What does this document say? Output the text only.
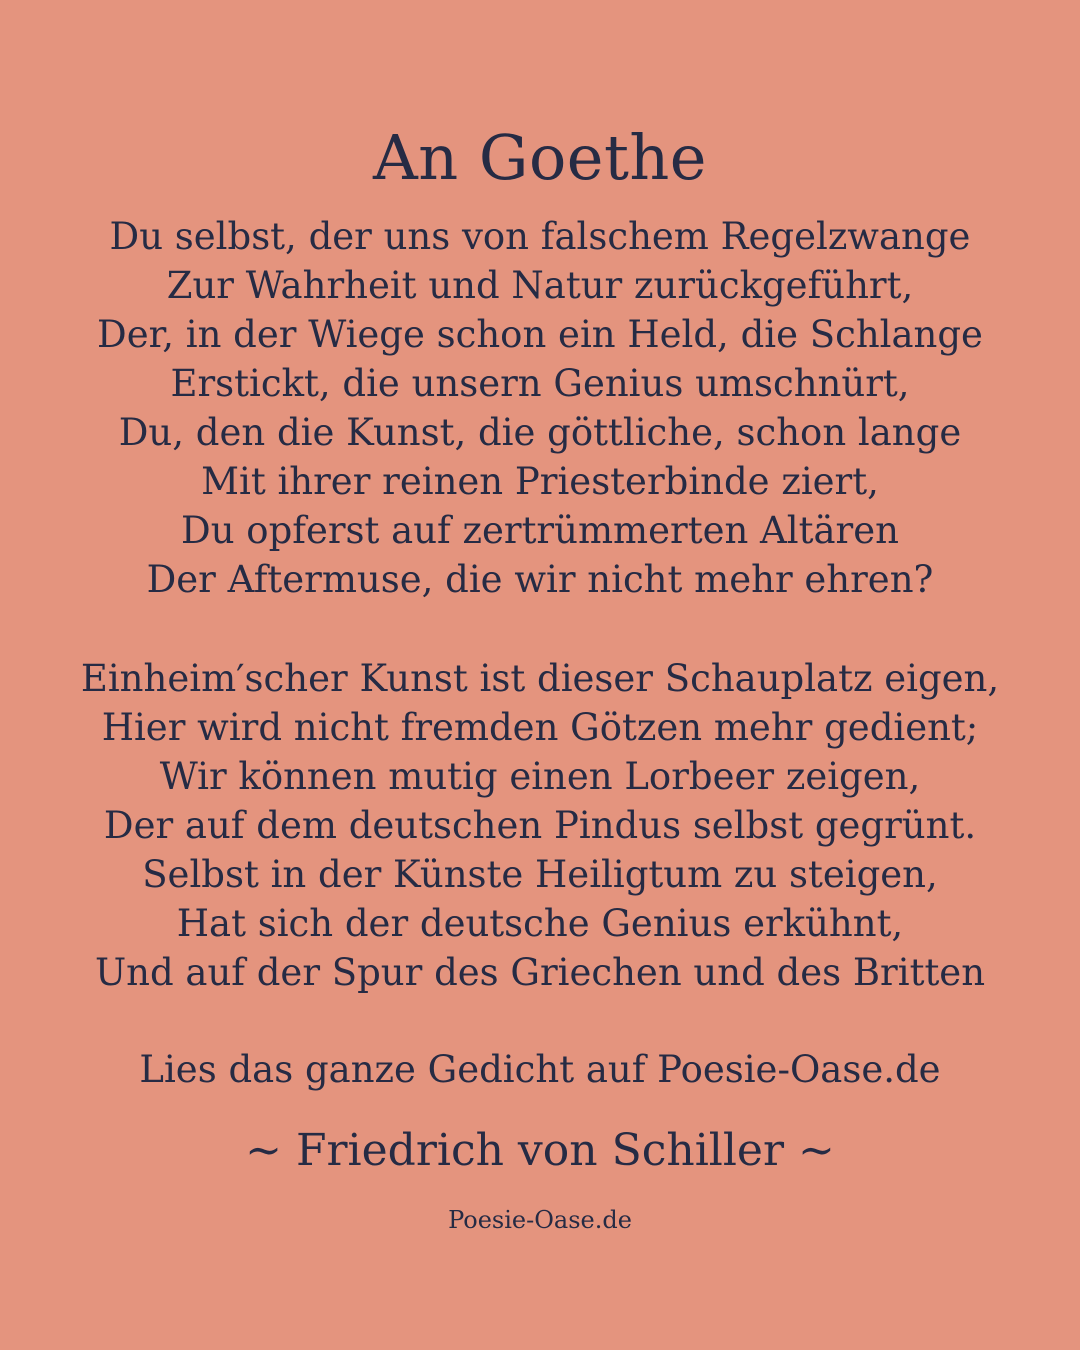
An Goethe

Du selbst, der uns von falschem Regelzwange
Zur Wahrheit und Natur zurückgeführt,
Der, in der Wiege schon ein Held, die Schlange
Erstickt, die unsern Genius umschnürt,
Du, den die Kunst, die göttliche, schon lange
Mit ihrer reinen Priesterbinde ziert,
Du opferst auf zertrümmerten Altären
Der Aftermuse, die wir nicht mehr ehren?

Einheim′scher Kunst ist dieser Schauplatz eigen,
Hier wird nicht fremden Götzen mehr gedient;
Wir können mutig einen Lorbeer zeigen,
Der auf dem deutschen Pindus selbst gegrünt.
Selbst in der Künste Heiligtum zu steigen,
Hat sich der deutsche Genius erkühnt,
Und auf der Spur des Griechen und des Britten

Lies das ganze Gedicht auf Poesie-Oase.de

~ Friedrich von Schiller ~

Poesie-Oase.de
